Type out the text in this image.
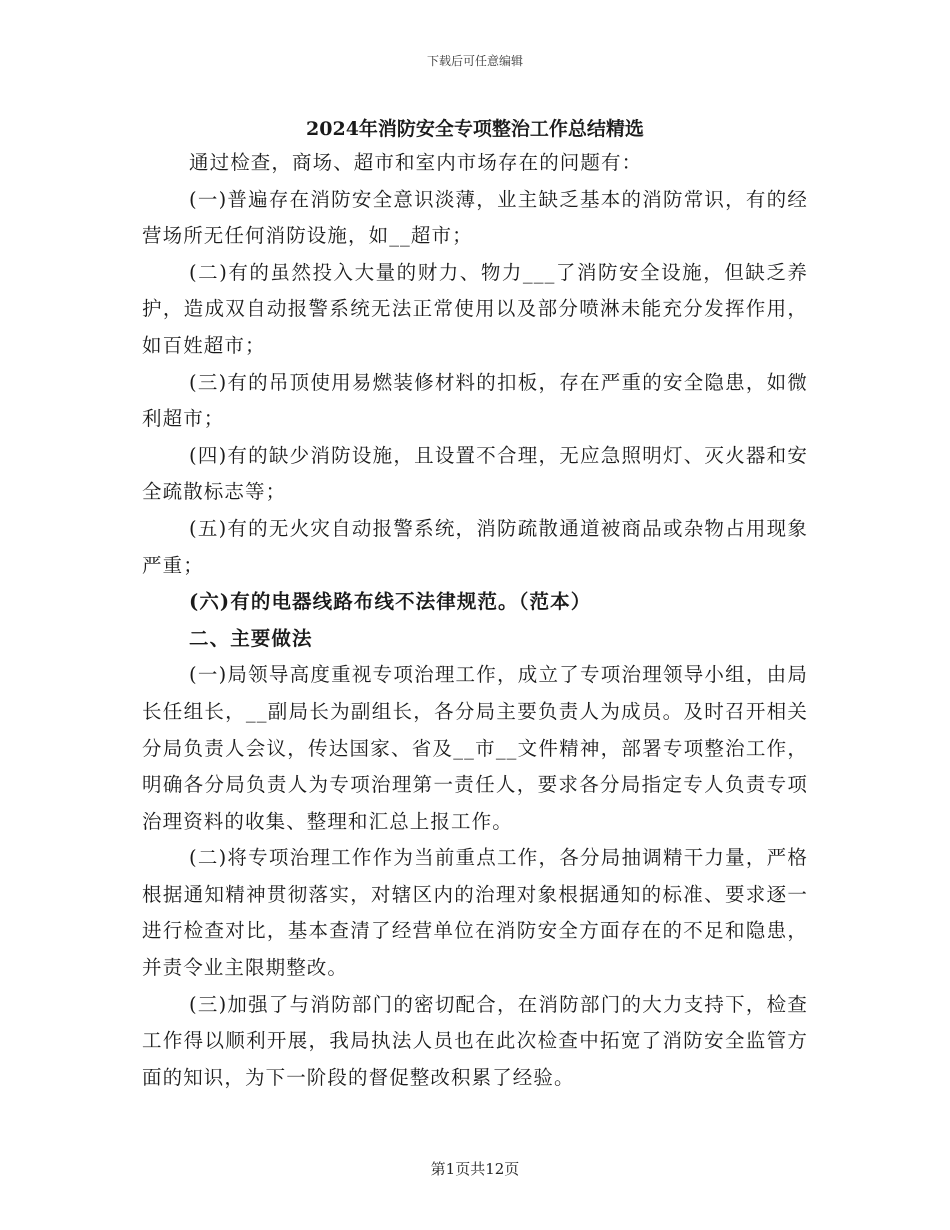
下载后可任意编辑
2024年消防安全专项整治工作总结精选

通过检查，商场、超市和室内市场存在的问题有：

(一)普遍存在消防安全意识淡薄，业主缺乏基本的消防常识，有的经营场所无任何消防设施，如__超市；

(二)有的虽然投入大量的财力、物力___了消防安全设施，但缺乏养护，造成双自动报警系统无法正常使用以及部分喷淋未能充分发挥作用，如百姓超市；

(三)有的吊顶使用易燃装修材料的扣板，存在严重的安全隐患，如微利超市；

(四)有的缺少消防设施，且设置不合理，无应急照明灯、灭火器和安全疏散标志等；

(五)有的无火灾自动报警系统，消防疏散通道被商品或杂物占用现象严重；

(六)有的电器线路布线不法律规范。（范本）

二、主要做法

(一)局领导高度重视专项治理工作，成立了专项治理领导小组，由局长任组长，__副局长为副组长，各分局主要负责人为成员。及时召开相关分局负责人会议，传达国家、省及__市__文件精神，部署专项整治工作，明确各分局负责人为专项治理第一责任人，要求各分局指定专人负责专项治理资料的收集、整理和汇总上报工作。

(二)将专项治理工作作为当前重点工作，各分局抽调精干力量，严格根据通知精神贯彻落实，对辖区内的治理对象根据通知的标准、要求逐一进行检查对比，基本查清了经营单位在消防安全方面存在的不足和隐患，并责令业主限期整改。

(三)加强了与消防部门的密切配合，在消防部门的大力支持下，检查工作得以顺利开展，我局执法人员也在此次检查中拓宽了消防安全监管方面的知识，为下一阶段的督促整改积累了经验。

第1页共12页
